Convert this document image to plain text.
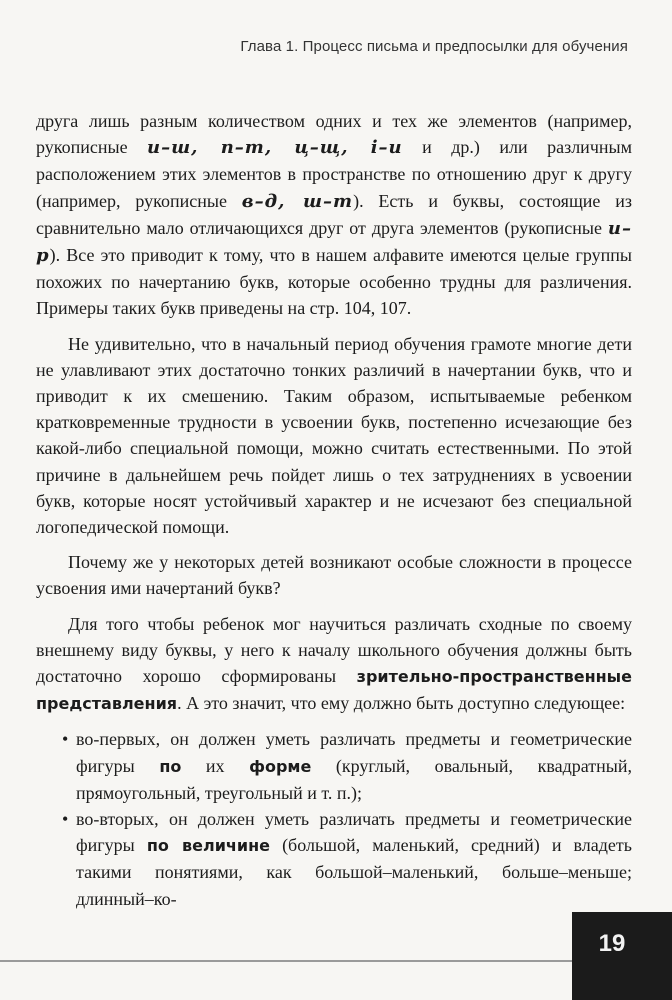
Глава 1. Процесс письма и предпосылки для обучения

друга лишь разным количеством одних и тех же элементов (например, рукописные и–ш, п–т, ц–щ, і–и и др.) или различным расположением этих элементов в пространстве по отношению друг к другу (например, рукописные в–д, ш–т). Есть и буквы, состоящие из сравнительно мало отличающихся друг от друга элементов (рукописные и–р). Все это приводит к тому, что в нашем алфавите имеются целые группы похожих по начертанию букв, которые особенно трудны для различения. Примеры таких букв приведены на стр. 104, 107.

Не удивительно, что в начальный период обучения грамоте многие дети не улавливают этих достаточно тонких различий в начертании букв, что и приводит к их смешению. Таким образом, испытываемые ребенком кратковременные трудности в усвоении букв, постепенно исчезающие без какой-либо специальной помощи, можно считать естественными. По этой причине в дальнейшем речь пойдет лишь о тех затруднениях в усвоении букв, которые носят устойчивый характер и не исчезают без специальной логопедической помощи.

Почему же у некоторых детей возникают особые сложности в процессе усвоения ими начертаний букв?

Для того чтобы ребенок мог научиться различать сходные по своему внешнему виду буквы, у него к началу школьного обучения должны быть достаточно хорошо сформированы зрительно-пространственные представления. А это значит, что ему должно быть доступно следующее:

• во-первых, он должен уметь различать предметы и геометрические фигуры по их форме (круглый, овальный, квадратный, прямоугольный, треугольный и т. п.);
• во-вторых, он должен уметь различать предметы и геометрические фигуры по величине (большой, маленький, средний) и владеть такими понятиями, как большой–маленький, больше–меньше; длинный–ко-
19
